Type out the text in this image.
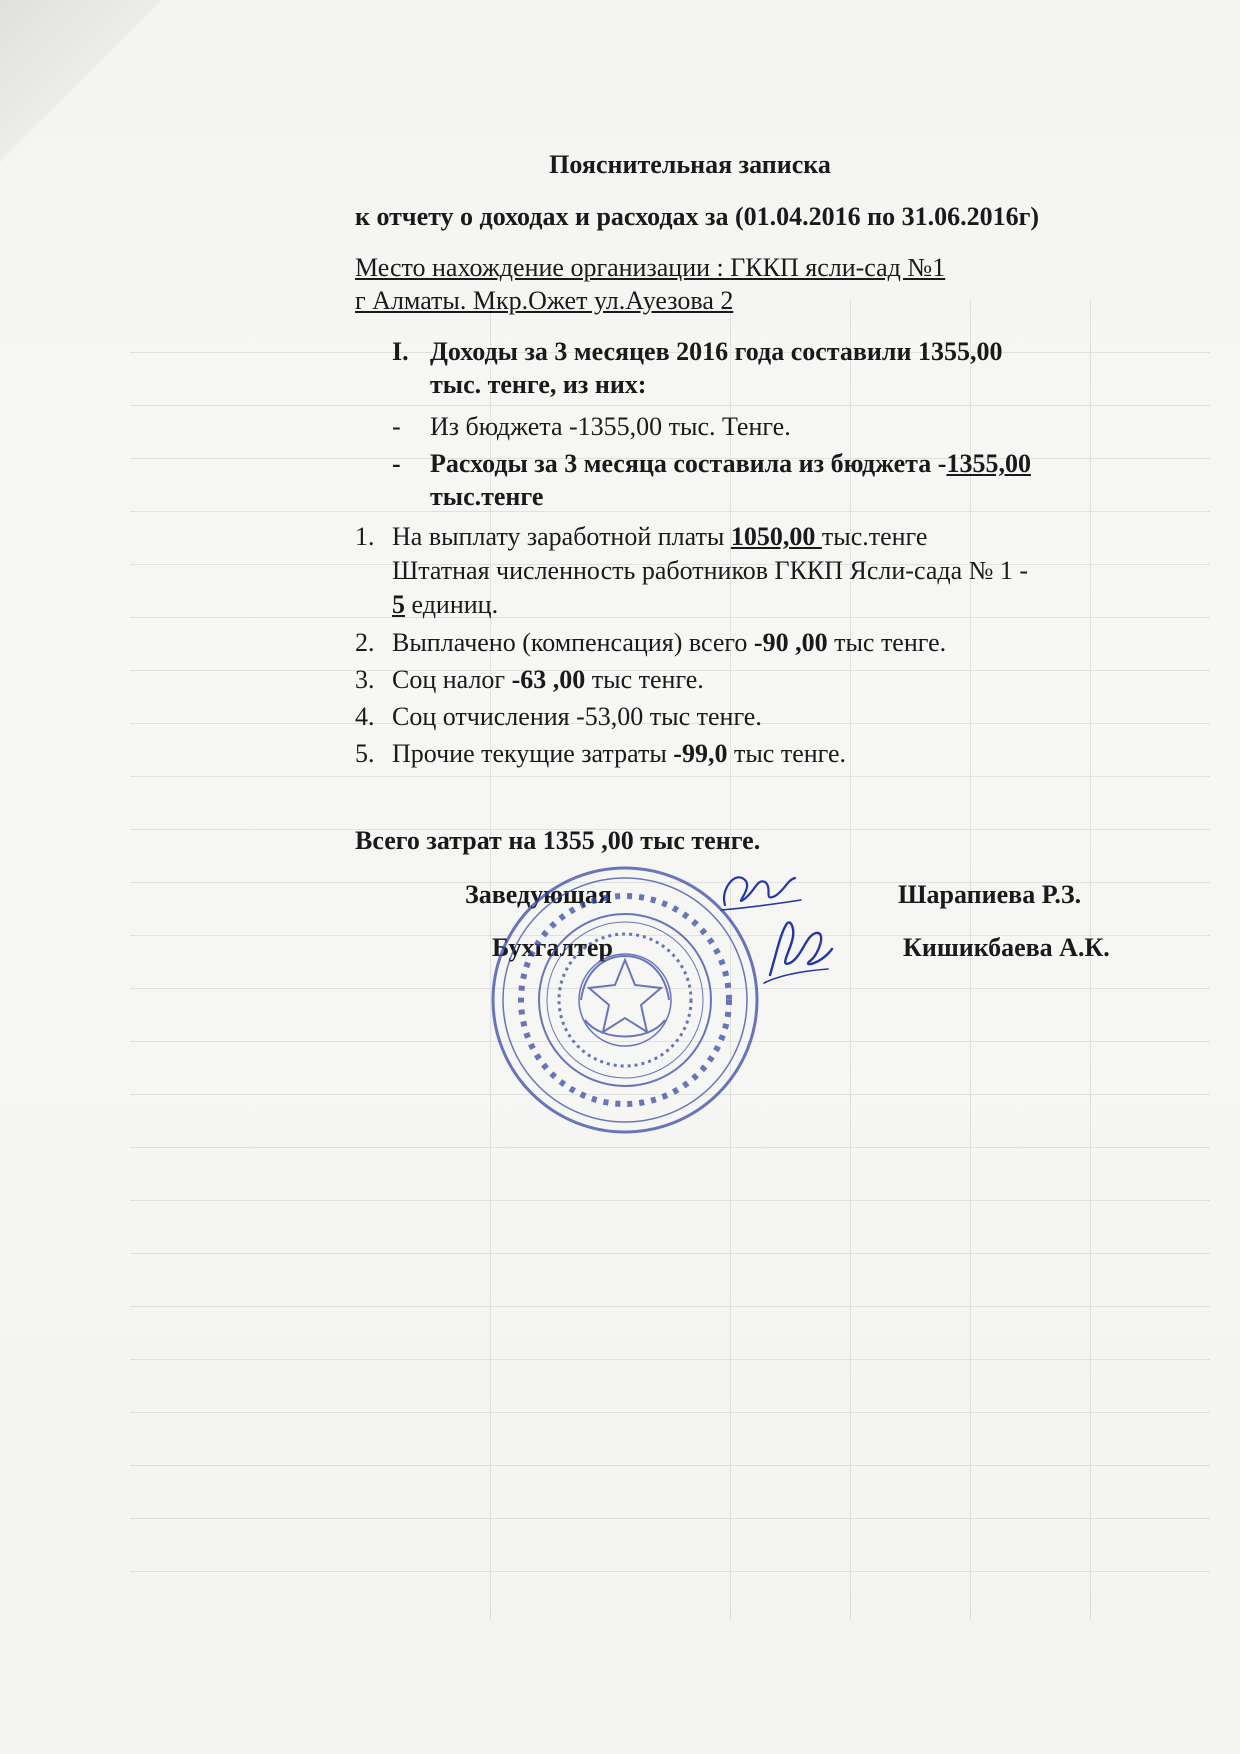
Пояснительная записка
к отчету о доходах и расходах за (01.04.2016 по 31.06.2016г)
Место нахождение организации : ГККП ясли-сад №1
г Алматы. Мкр.Ожет ул.Ауезова 2
I. Доходы за 3 месяцев 2016 года составили 1355,00
тыс. тенге, из них:
- Из бюджета -1355,00 тыс. Тенге.
- Расходы за 3 месяца составила из бюджета -1355,00
тыс.тенге
1. На выплату заработной платы 1050,00 тыс.тенге
Штатная численность работников ГККП Ясли-сада № 1 -
5 единиц.
2. Выплачено (компенсация) всего -90 ,00 тыс тенге.
3. Соц налог -63 ,00 тыс тенге.
4. Соц отчисления -53,00 тыс тенге.
5. Прочие текущие затраты -99,0 тыс тенге.
Всего затрат на 1355 ,00 тыс тенге.
Заведующая	Шарапиева Р.З.
Бухгалтер	Кишикбаева А.К.
